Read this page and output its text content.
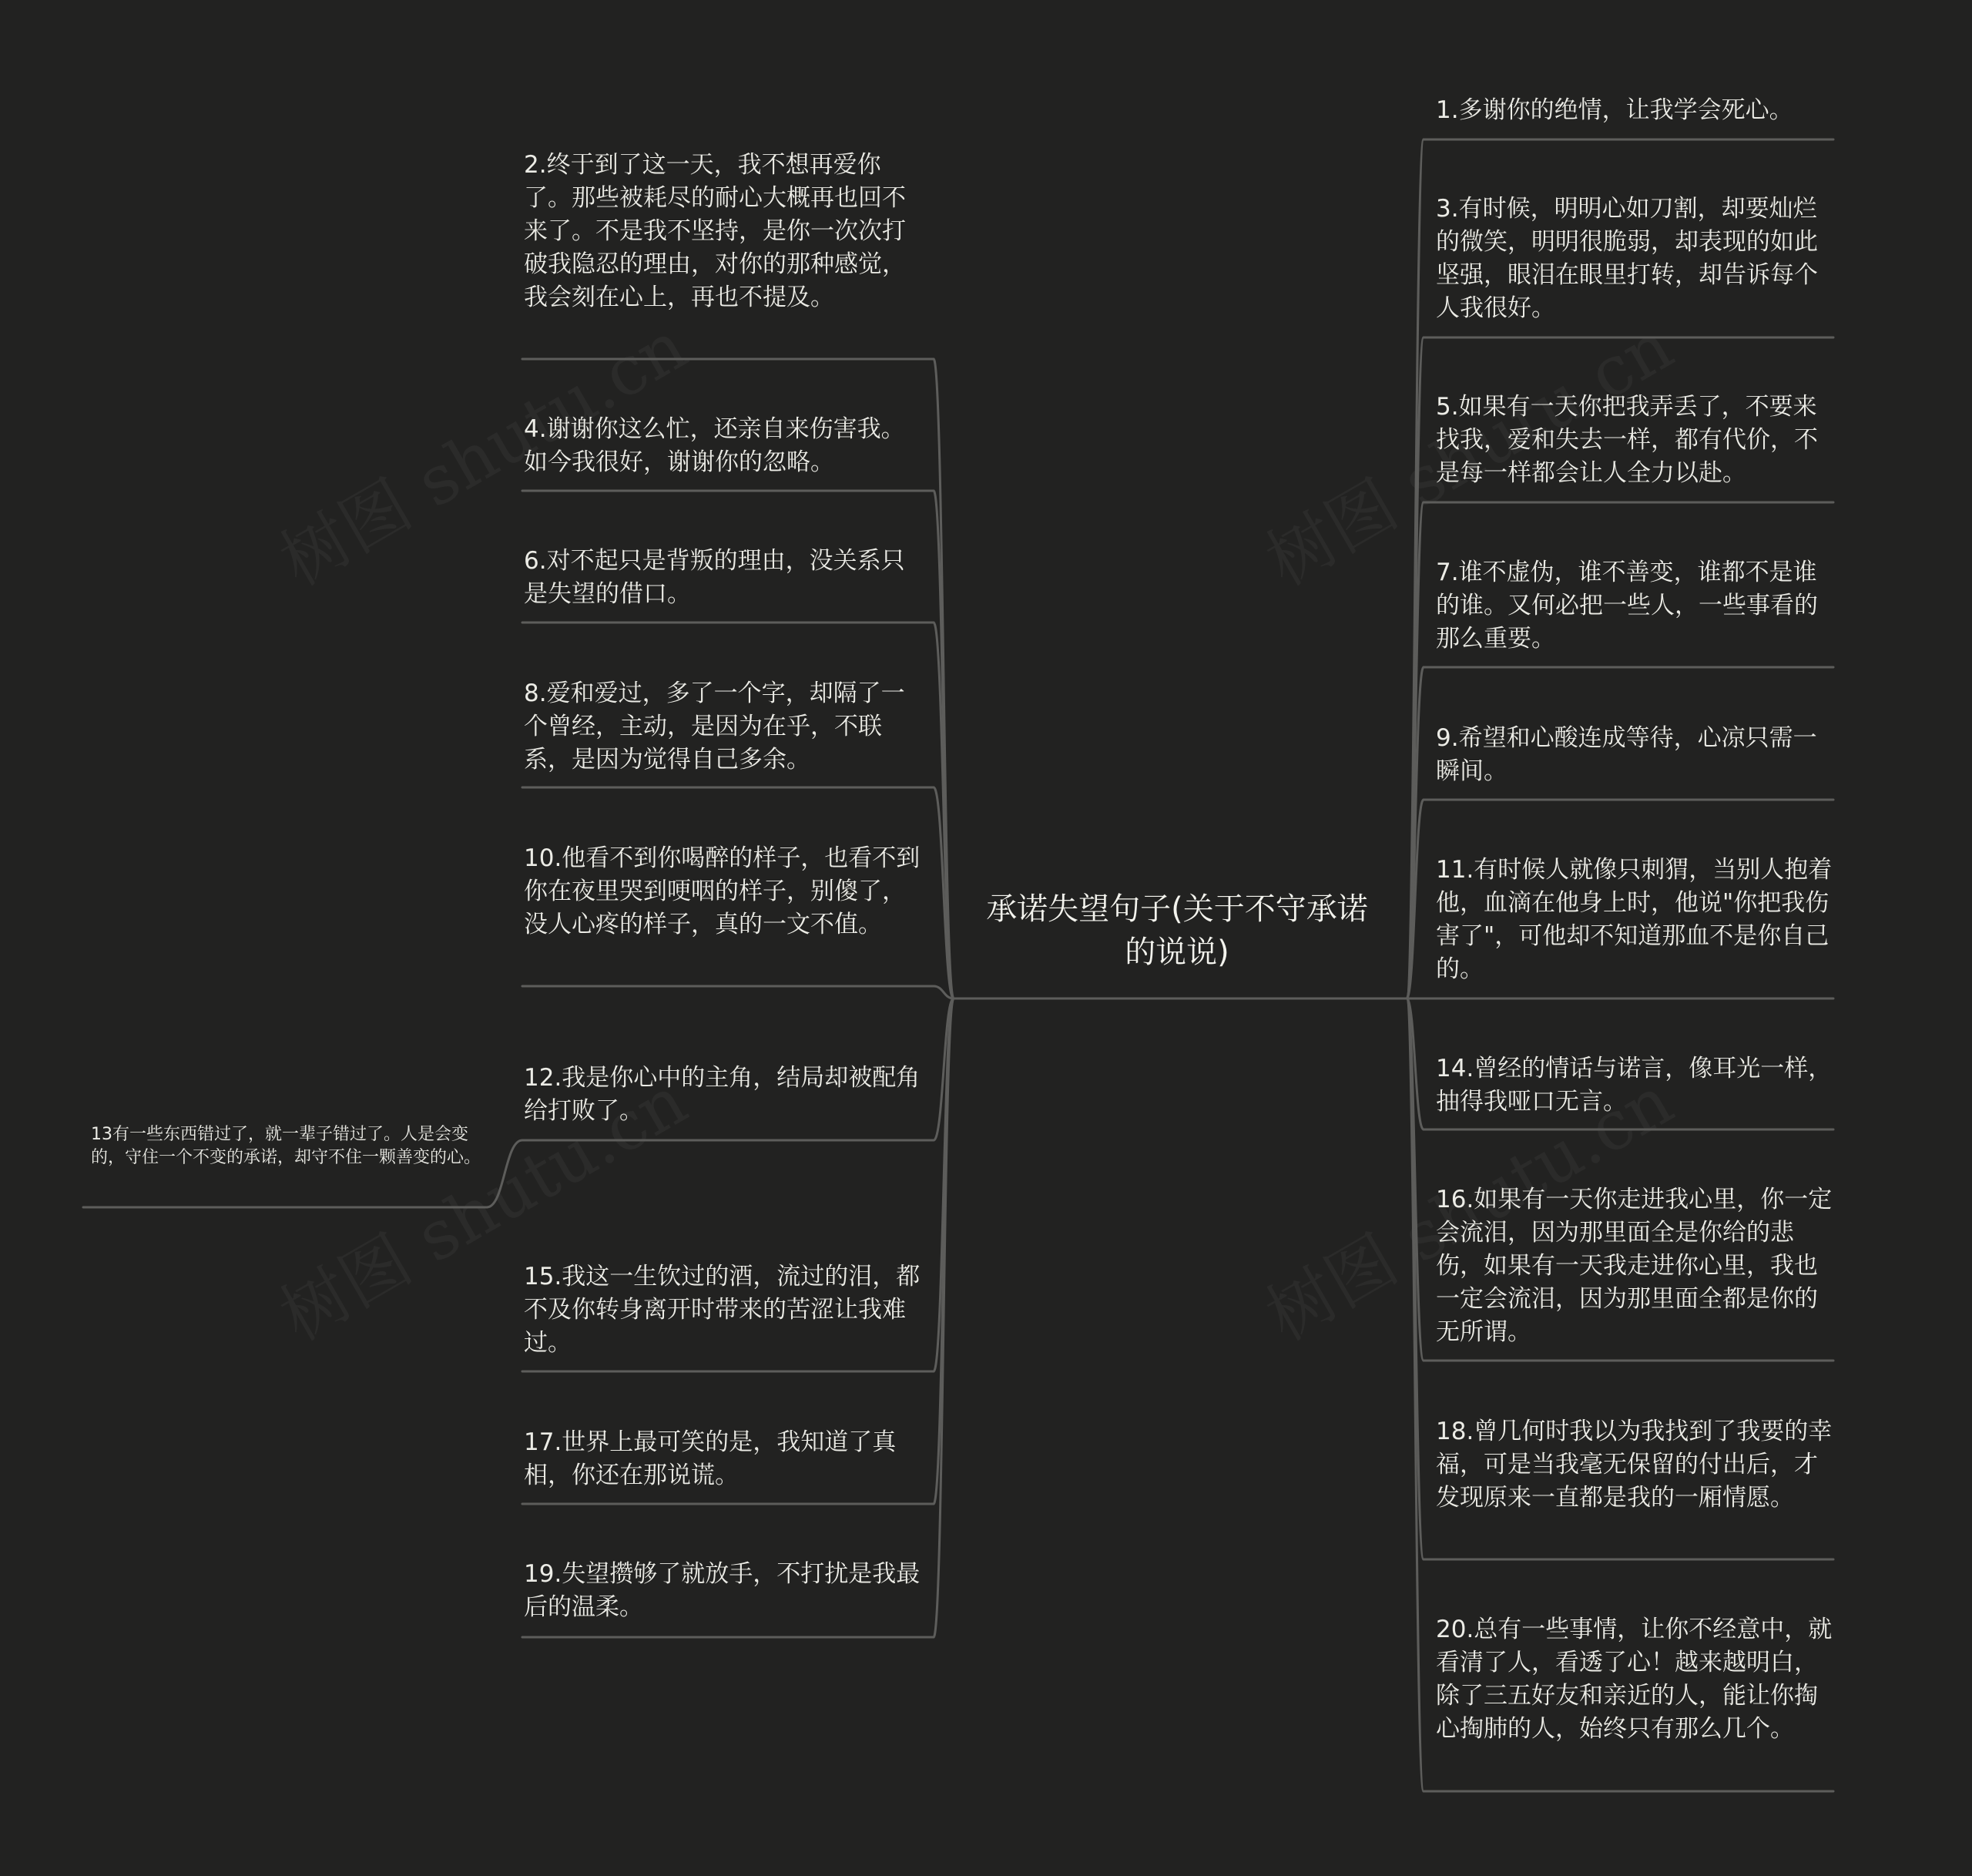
承诺失望句子(关于不守承诺的说说)
2.终于到了这一天，我不想再爱你了。那些被耗尽的耐心大概再也回不来了。不是我不坚持，是你一次次打破我隐忍的理由，对你的那种感觉，我会刻在心上，再也不提及。
4.谢谢你这么忙，还亲自来伤害我。如今我很好，谢谢你的忽略。
6.对不起只是背叛的理由，没关系只是失望的借口。
8.爱和爱过，多了一个字，却隔了一个曾经，主动，是因为在乎，不联系，是因为觉得自己多余。
10.他看不到你喝醉的样子，也看不到你在夜里哭到哽咽的样子，别傻了，没人心疼的样子，真的一文不值。
12.我是你心中的主角，结局却被配角给打败了。
15.我这一生饮过的酒，流过的泪，都不及你转身离开时带来的苦涩让我难过。
17.世界上最可笑的是，我知道了真相，你还在那说谎。
19.失望攒够了就放手，不打扰是我最后的温柔。
13有一些东西错过了，就一辈子错过了。人是会变的，守住一个不变的承诺，却守不住一颗善变的心。
1.多谢你的绝情，让我学会死心。
3.有时候，明明心如刀割，却要灿烂的微笑，明明很脆弱，却表现的如此坚强，眼泪在眼里打转，却告诉每个人我很好。
5.如果有一天你把我弄丢了，不要来找我，爱和失去一样，都有代价，不是每一样都会让人全力以赴。
7.谁不虚伪，谁不善变，谁都不是谁的谁。又何必把一些人，一些事看的那么重要。
9.希望和心酸连成等待，心凉只需一瞬间。
11.有时候人就像只刺猬，当别人抱着他，血滴在他身上时，他说"你把我伤害了"，可他却不知道那血不是你自己的。
14.曾经的情话与诺言，像耳光一样，抽得我哑口无言。
16.如果有一天你走进我心里，你一定会流泪，因为那里面全是你给的悲伤，如果有一天我走进你心里，我也一定会流泪，因为那里面全都是你的无所谓。
18.曾几何时我以为我找到了我要的幸福，可是当我毫无保留的付出后，才发现原来一直都是我的一厢情愿。
20.总有一些事情，让你不经意中，就看清了人，看透了心！越来越明白，除了三五好友和亲近的人，能让你掏心掏肺的人，始终只有那么几个。
